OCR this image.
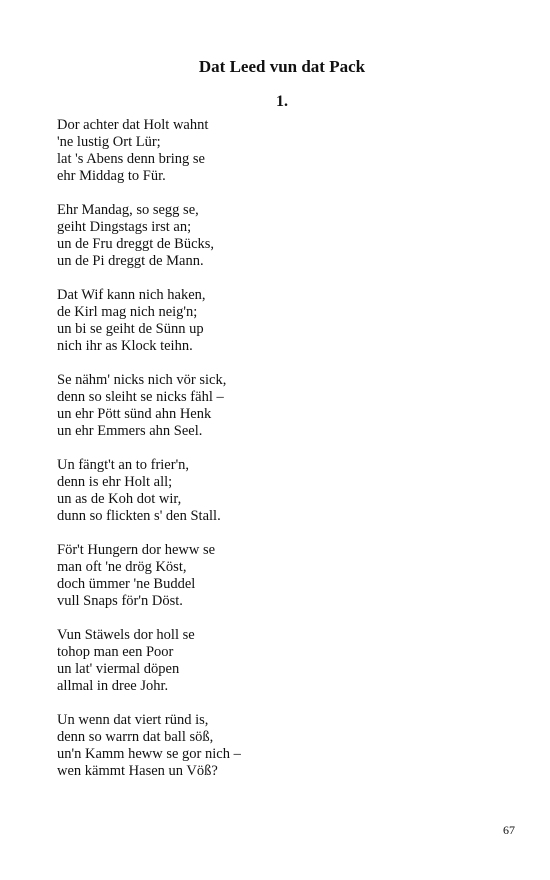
Dat Leed vun dat Pack
1.
Dor achter dat Holt wahnt
'ne lustig Ort Lür;
lat 's Abens denn bring se
ehr Middag to Für.
Ehr Mandag, so segg se,
geiht Dingstags irst an;
un de Fru dreggt de Bücks,
un de Pi dreggt de Mann.
Dat Wif kann nich haken,
de Kirl mag nich neig'n;
un bi se geiht de Sünn up
nich ihr as Klock teihn.
Se nähm' nicks nich vör sick,
denn so sleiht se nicks fähl –
un ehr Pött sünd ahn Henk
un ehr Emmers ahn Seel.
Un fängt't an to frier'n,
denn is ehr Holt all;
un as de Koh dot wir,
dunn so flickten s' den Stall.
För't Hungern dor heww se
man oft 'ne drög Köst,
doch ümmer 'ne Buddel
vull Snaps för'n Döst.
Vun Stäwels dor holl se
tohop man een Poor
un lat' viermal döpen
allmal in dree Johr.
Un wenn dat viert ründ is,
denn so warrn dat ball söß,
un'n Kamm heww se gor nich –
wen kämmt Hasen un Vöß?
67
